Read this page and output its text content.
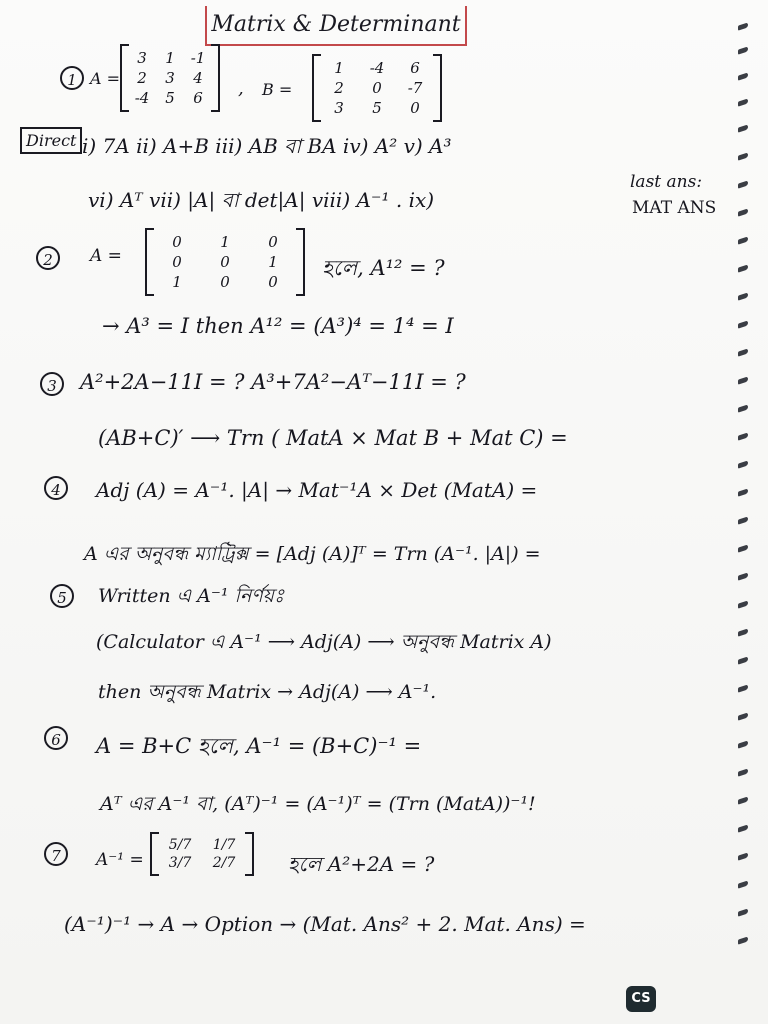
Matrix & Determinant
1 A =
3	1	-1
2	3	4
-4	5	6	, B =
1	-4	6
2	0	-7
3	5	0
Direct i) 7A ii) A+B iii) AB বা BA iv) A² v) A³
vi) Aᵀ vii) |A| বা det|A| viii) A⁻¹ . ix)
last ans:
MAT ANS
2	A =
0	1	0
0	0	1
1	0	0
হলে, A¹² = ?
→ A³ = I then A¹² = (A³)⁴ = 1⁴ = I
3	A²+2A−11I = ? A³+7A²−Aᵀ−11I = ?
(AB+C)′ ⟶ Trn ( MatA × Mat B + Mat C) =
4	Adj (A) = A⁻¹. |A| → Mat⁻¹A × Det (MatA) =
A এর অনুবন্ধ ম্যাট্রিক্স = [Adj (A)]ᵀ = Trn (A⁻¹. |A|) =
5	Written এ A⁻¹ নির্ণয়ঃ
(Calculator এ A⁻¹ ⟶ Adj(A) ⟶ অনুবন্ধ Matrix A)
then অনুবন্ধ Matrix → Adj(A) ⟶ A⁻¹.
6	A = B+C হলে, A⁻¹ = (B+C)⁻¹ =
Aᵀ এর A⁻¹ বা, (Aᵀ)⁻¹ = (A⁻¹)ᵀ = (Trn (MatA))⁻¹!
7	A⁻¹ =
5/7	1/7
3/7	2/7	হলে A²+2A = ?
(A⁻¹)⁻¹ → A → Option → (Mat. Ans² + 2. Mat. Ans) =
CS
